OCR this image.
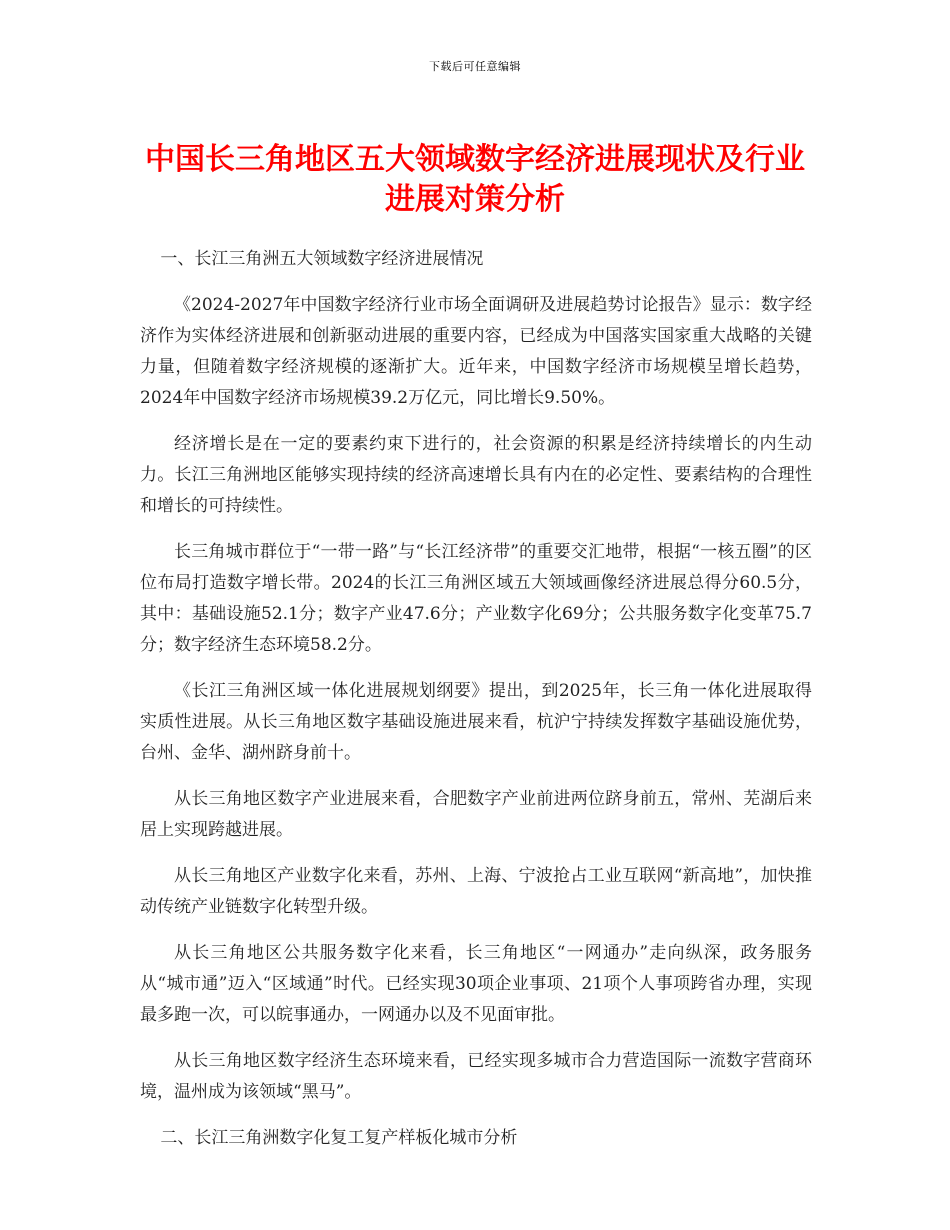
下载后可任意编辑
中国长三角地区五大领域数字经济进展现状及行业进展对策分析
一、长江三角洲五大领域数字经济进展情况

《2024-2027年中国数字经济行业市场全面调研及进展趋势讨论报告》显示：数字经济作为实体经济进展和创新驱动进展的重要内容，已经成为中国落实国家重大战略的关键力量，但随着数字经济规模的逐渐扩大。近年来，中国数字经济市场规模呈增长趋势，2024年中国数字经济市场规模39.2万亿元，同比增长9.50%。

经济增长是在一定的要素约束下进行的，社会资源的积累是经济持续增长的内生动力。长江三角洲地区能够实现持续的经济高速增长具有内在的必定性、要素结构的合理性和增长的可持续性。

长三角城市群位于“一带一路”与“长江经济带”的重要交汇地带，根据“一核五圈”的区位布局打造数字增长带。2024的长江三角洲区域五大领域画像经济进展总得分60.5分，其中：基础设施52.1分；数字产业47.6分；产业数字化69分；公共服务数字化变革75.7分；数字经济生态环境58.2分。

《长江三角洲区域一体化进展规划纲要》提出，到2025年，长三角一体化进展取得实质性进展。从长三角地区数字基础设施进展来看，杭沪宁持续发挥数字基础设施优势，台州、金华、湖州跻身前十。

从长三角地区数字产业进展来看，合肥数字产业前进两位跻身前五，常州、芜湖后来居上实现跨越进展。

从长三角地区产业数字化来看，苏州、上海、宁波抢占工业互联网“新高地”，加快推动传统产业链数字化转型升级。

从长三角地区公共服务数字化来看，长三角地区“一网通办”走向纵深，政务服务从“城市通”迈入“区域通”时代。已经实现30项企业事项、21项个人事项跨省办理，实现最多跑一次，可以皖事通办，一网通办以及不见面审批。

从长三角地区数字经济生态环境来看，已经实现多城市合力营造国际一流数字营商环境，温州成为该领域“黑马”。

二、长江三角洲数字化复工复产样板化城市分析
